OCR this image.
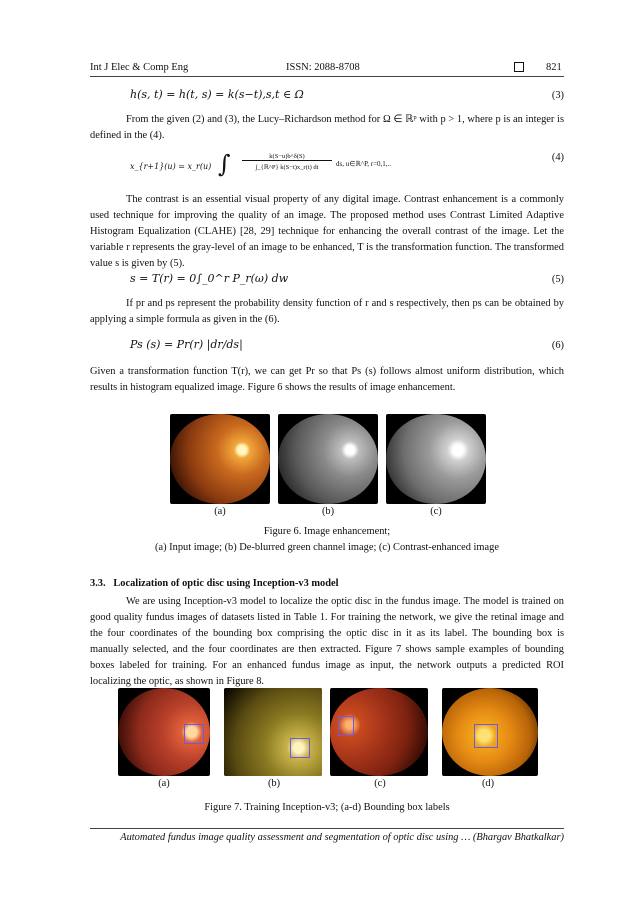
Int J Elec & Comp Eng	ISSN: 2088-8708	821
h(s, t) = h(t, s) = k(s−t),s,t ∈ Ω	(3)
From the given (2) and (3), the Lucy–Richardson method for Ω ∈ ℝᵖ with p > 1, where p is an integer is defined in the (4).
x_{r+1}(u) = x_r(u) ∫	k(S−u)b^δ(S)
∫_{ℝ^P} k(S−t)x_r(t) dt	ds, u∈ℝ^P, r=0,1,..
(4)
The contrast is an essential visual property of any digital image. Contrast enhancement is a commonly used technique for improving the quality of an image. The proposed method uses Contrast Limited Adaptive Histogram Equalization (CLAHE) [28, 29] technique for enhancing the overall contrast of the image. Let the variable r represents the gray-level of an image to be enhanced, T is the transformation function. The transformed value s is given by (5).
s = T(r) = 0∫_0^r P_r(ω) dw	(5)
If pr and ps represent the probability density function of r and s respectively, then ps can be obtained by applying a simple formula as given in the (6).
Ps (s) = Pr(r) |dr/ds|	(6)
Given a transformation function T(r), we can get Pr so that Ps (s) follows almost uniform distribution, which results in histogram equalized image. Figure 6 shows the results of image enhancement.
(a)	(b)	(c)
Figure 6. Image enhancement;
(a) Input image; (b) De-blurred green channel image; (c) Contrast-enhanced image
3.3.   Localization of optic disc using Inception-v3 model
We are using Inception-v3 model to localize the optic disc in the fundus image. The model is trained on good quality fundus images of datasets listed in Table 1. For training the network, we give the retinal image and the four coordinates of the bounding box comprising the optic disc in it as its label. The bounding box is manually selected, and the four coordinates are then extracted. Figure 7 shows sample examples of bounding boxes labeled for training. For an enhanced fundus image as input, the network outputs a predicted ROI localizing the optic, as shown in Figure 8.
(a)	(b)	(c)	(d)
Figure 7. Training Inception-v3; (a-d) Bounding box labels
Automated fundus image quality assessment and segmentation of optic disc using … (Bhargav Bhatkalkar)
